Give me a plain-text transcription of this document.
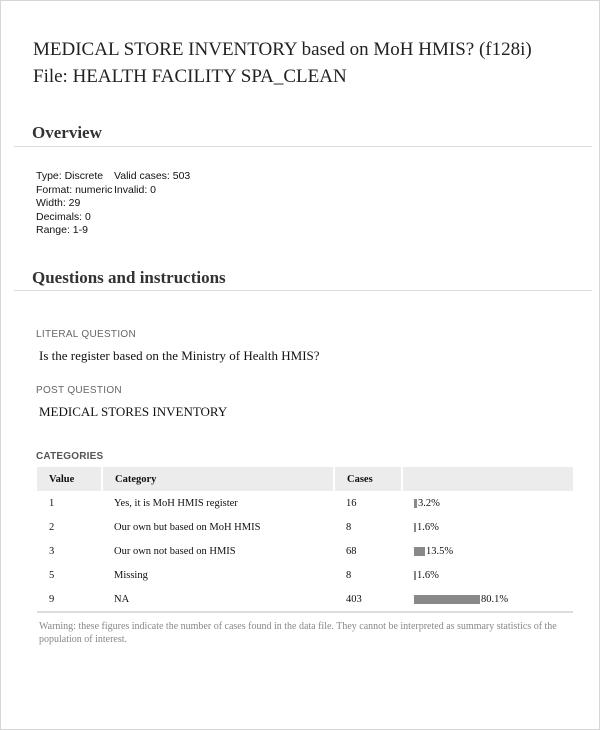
MEDICAL STORE INVENTORY based on MoH HMIS? (f128i)
File: HEALTH FACILITY SPA_CLEAN
Overview
Type: Discrete	Valid cases: 503
Format: numeric Invalid: 0
Width: 29
Decimals: 0
Range: 1-9
Questions and instructions
LITERAL QUESTION
Is the register based on the Ministry of Health HMIS?
POST QUESTION
MEDICAL STORES INVENTORY
CATEGORIES
Value	Category	Cases	
1	Yes, it is MoH HMIS register	16	3.2%
2	Our own but based on MoH HMIS	8	1.6%
3	Our own not based on HMIS	68	13.5%
5	Missing	8	1.6%
9	NA	403	80.1%
Warning: these figures indicate the number of cases found in the data file. They cannot be interpreted as summary statistics of the population of interest.
